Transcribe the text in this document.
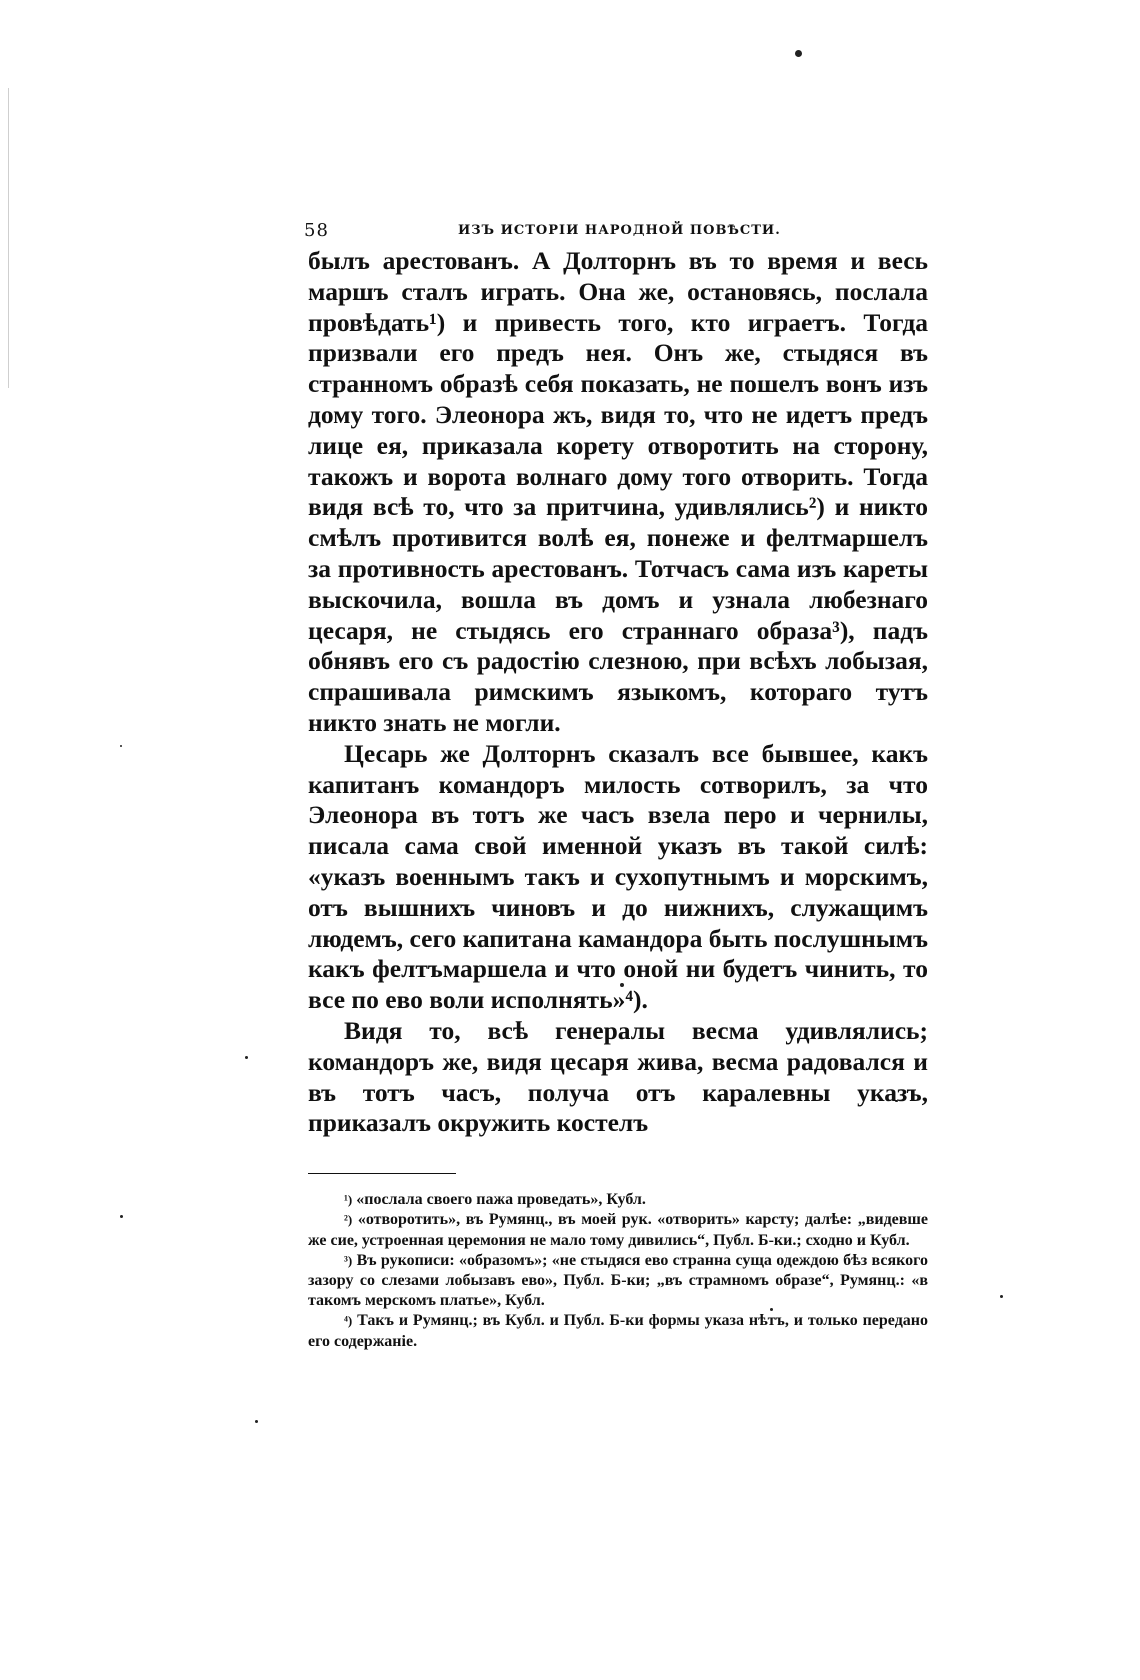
58	ИЗЪ ИСТОРІИ НАРОДНОЙ ПОВѢСТИ.

былъ арестованъ. А Долторнъ въ то время и весь маршъ сталъ играть. Она же, остановясь, послала провѣдать¹) и привесть того, кто играетъ. Тогда призвали его предъ нея. Онъ же, стыдяся въ странномъ образѣ себя показать, не пошелъ вонъ изъ дому того. Элеонора жъ, видя то, что не идетъ предъ лице ея, приказала корету отворотить на сторону, такожъ и ворота волнаго дому того отворить. Тогда видя всѣ то, что за притчина, удивлялись²) и никто смѣлъ противится волѣ ея, понеже и фелтмаршелъ за противность арестованъ. Тотчасъ сама изъ кареты выскочила, вошла въ домъ и узнала любезнаго цесаря, не стыдясь его страннаго образа³), падъ обнявъ его съ радостію слезною, при всѣхъ лобызая, спрашивала римскимъ языкомъ, котораго тутъ никто знать не могли.

Цесарь же Долторнъ сказалъ все бывшее, какъ капитанъ командоръ милость сотворилъ, за что Элеонора въ тотъ же часъ взела перо и чернилы, писала сама свой именной указъ въ такой силѣ: «указъ военнымъ такъ и сухопутнымъ и морскимъ, отъ вышнихъ чиновъ и до нижнихъ, служащимъ людемъ, сего капитана камандора быть послушнымъ какъ фелтъмаршела и что оной ни будетъ чинить, то все по ево воли исполнять»⁴).

Видя то, всѣ генералы весма удивлялись; командоръ же, видя цесаря жива, весма радовался и въ тотъ часъ, получа отъ каралевны указъ, приказалъ окружить костелъ

$^{^1)}$ «послала своего пажа проведать», Кубл.

$^{^2)}$ «отворотить», въ Румянц., въ моей рук. «отворить» карсту; далѣе: „видевше же сие, устроенная церемония не мало тому дивились“, Публ. Б-ки.; сходно и Кубл.

$^{^3)}$ Въ рукописи: «образомъ»; «не стыдяся ево странна суща одеждою бѣз всякого зазору со слезами лобызавъ ево», Публ. Б-ки; „въ страмномъ образе“, Румянц.: «в такомъ мерскомъ платье», Кубл.

$^{^4)}$ Такъ и Румянц.; въ Кубл. и Публ. Б-ки формы указа нѣтъ, и только передано его содержаніе.
